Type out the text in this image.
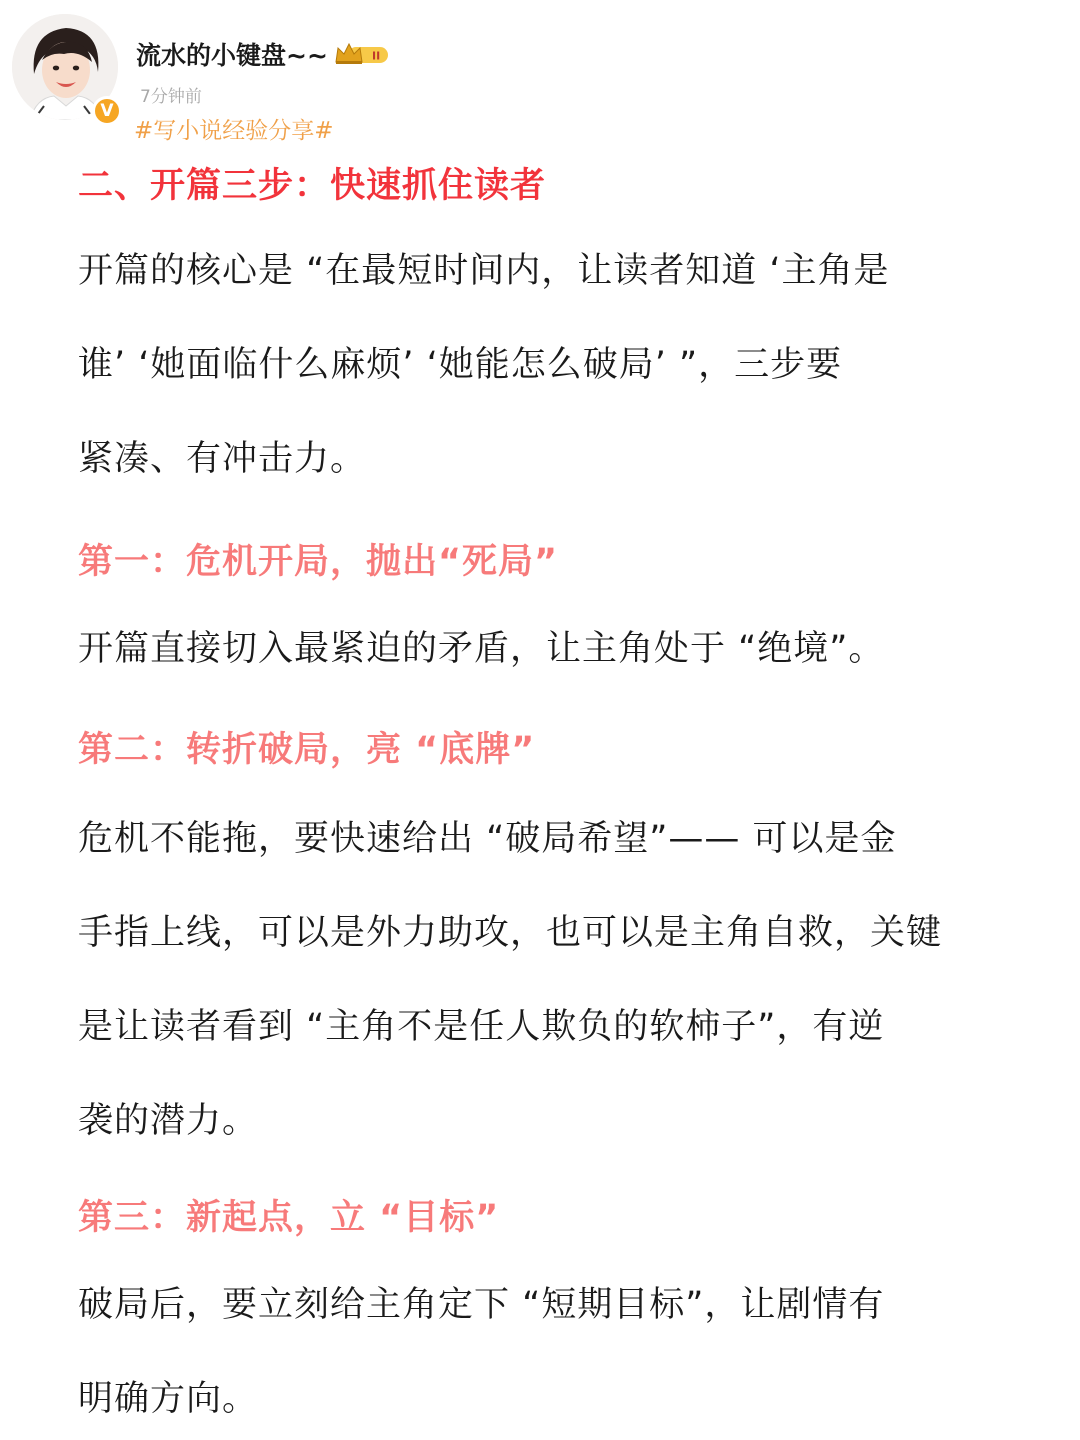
V
流水的小键盘~~	II
7分钟前
#写小说经验分享#
二、开篇三步：快速抓住读者
开篇的核心是 “在最短时间内，让读者知道 ‘主角是
谁’ ‘她面临什么麻烦’ ‘她能怎么破局’ ”，三步要
紧凑、有冲击力。
第一：危机开局，抛出“死局”
开篇直接切入最紧迫的矛盾，让主角处于 “绝境”。
第二：转折破局，亮 “底牌”
危机不能拖，要快速给出 “破局希望”—— 可以是金
手指上线，可以是外力助攻，也可以是主角自救，关键
是让读者看到 “主角不是任人欺负的软柿子”，有逆
袭的潜力。
第三：新起点，立 “目标”
破局后，要立刻给主角定下 “短期目标”，让剧情有
明确方向。
